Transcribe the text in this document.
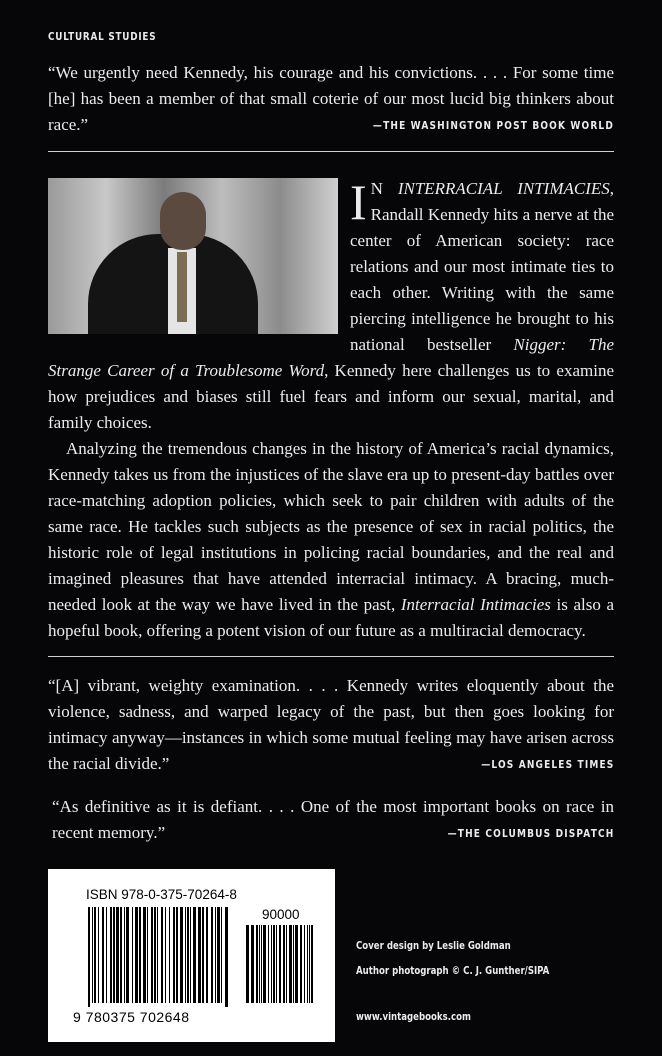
CULTURAL STUDIES
“We urgently need Kennedy, his courage and his convictions. . . . For some time [he] has been a member of that small coterie of our most lucid big thinkers about race.”	—THE WASHINGTON POST BOOK WORLD

I N INTERRACIAL INTIMACIES, Randall Kennedy hits a nerve at the center of American society: race relations and our most intimate ties to each other. Writing with the same piercing intelligence he brought to his national bestseller Nigger: The Strange Career of a Troublesome Word, Kennedy here challenges us to examine how prejudices and biases still fuel fears and inform our sexual, marital, and family choices.

Analyzing the tremendous changes in the history of America’s racial dynamics, Kennedy takes us from the injustices of the slave era up to present-day battles over race-matching adoption policies, which seek to pair children with adults of the same race. He tackles such subjects as the presence of sex in racial politics, the historic role of legal institutions in policing racial boundaries, and the real and imagined pleasures that have attended interracial intimacy. A bracing, much-needed look at the way we have lived in the past, Interracial Intimacies is also a hopeful book, offering a potent vision of our future as a multiracial democracy.

“[A] vibrant, weighty examination. . . . Kennedy writes eloquently about the violence, sadness, and warped legacy of the past, but then goes looking for intimacy anyway—instances in which some mutual feeling may have arisen across the racial divide.”	—LOS ANGELES TIMES
“As definitive as it is defiant. . . . One of the most important books on race in recent memory.”	—THE COLUMBUS DISPATCH
ISBN 978-0-375-70264-8
90000
9 780375 702648
Cover design by Leslie Goldman
Author photograph © C. J. Gunther/SIPA
www.vintagebooks.com
